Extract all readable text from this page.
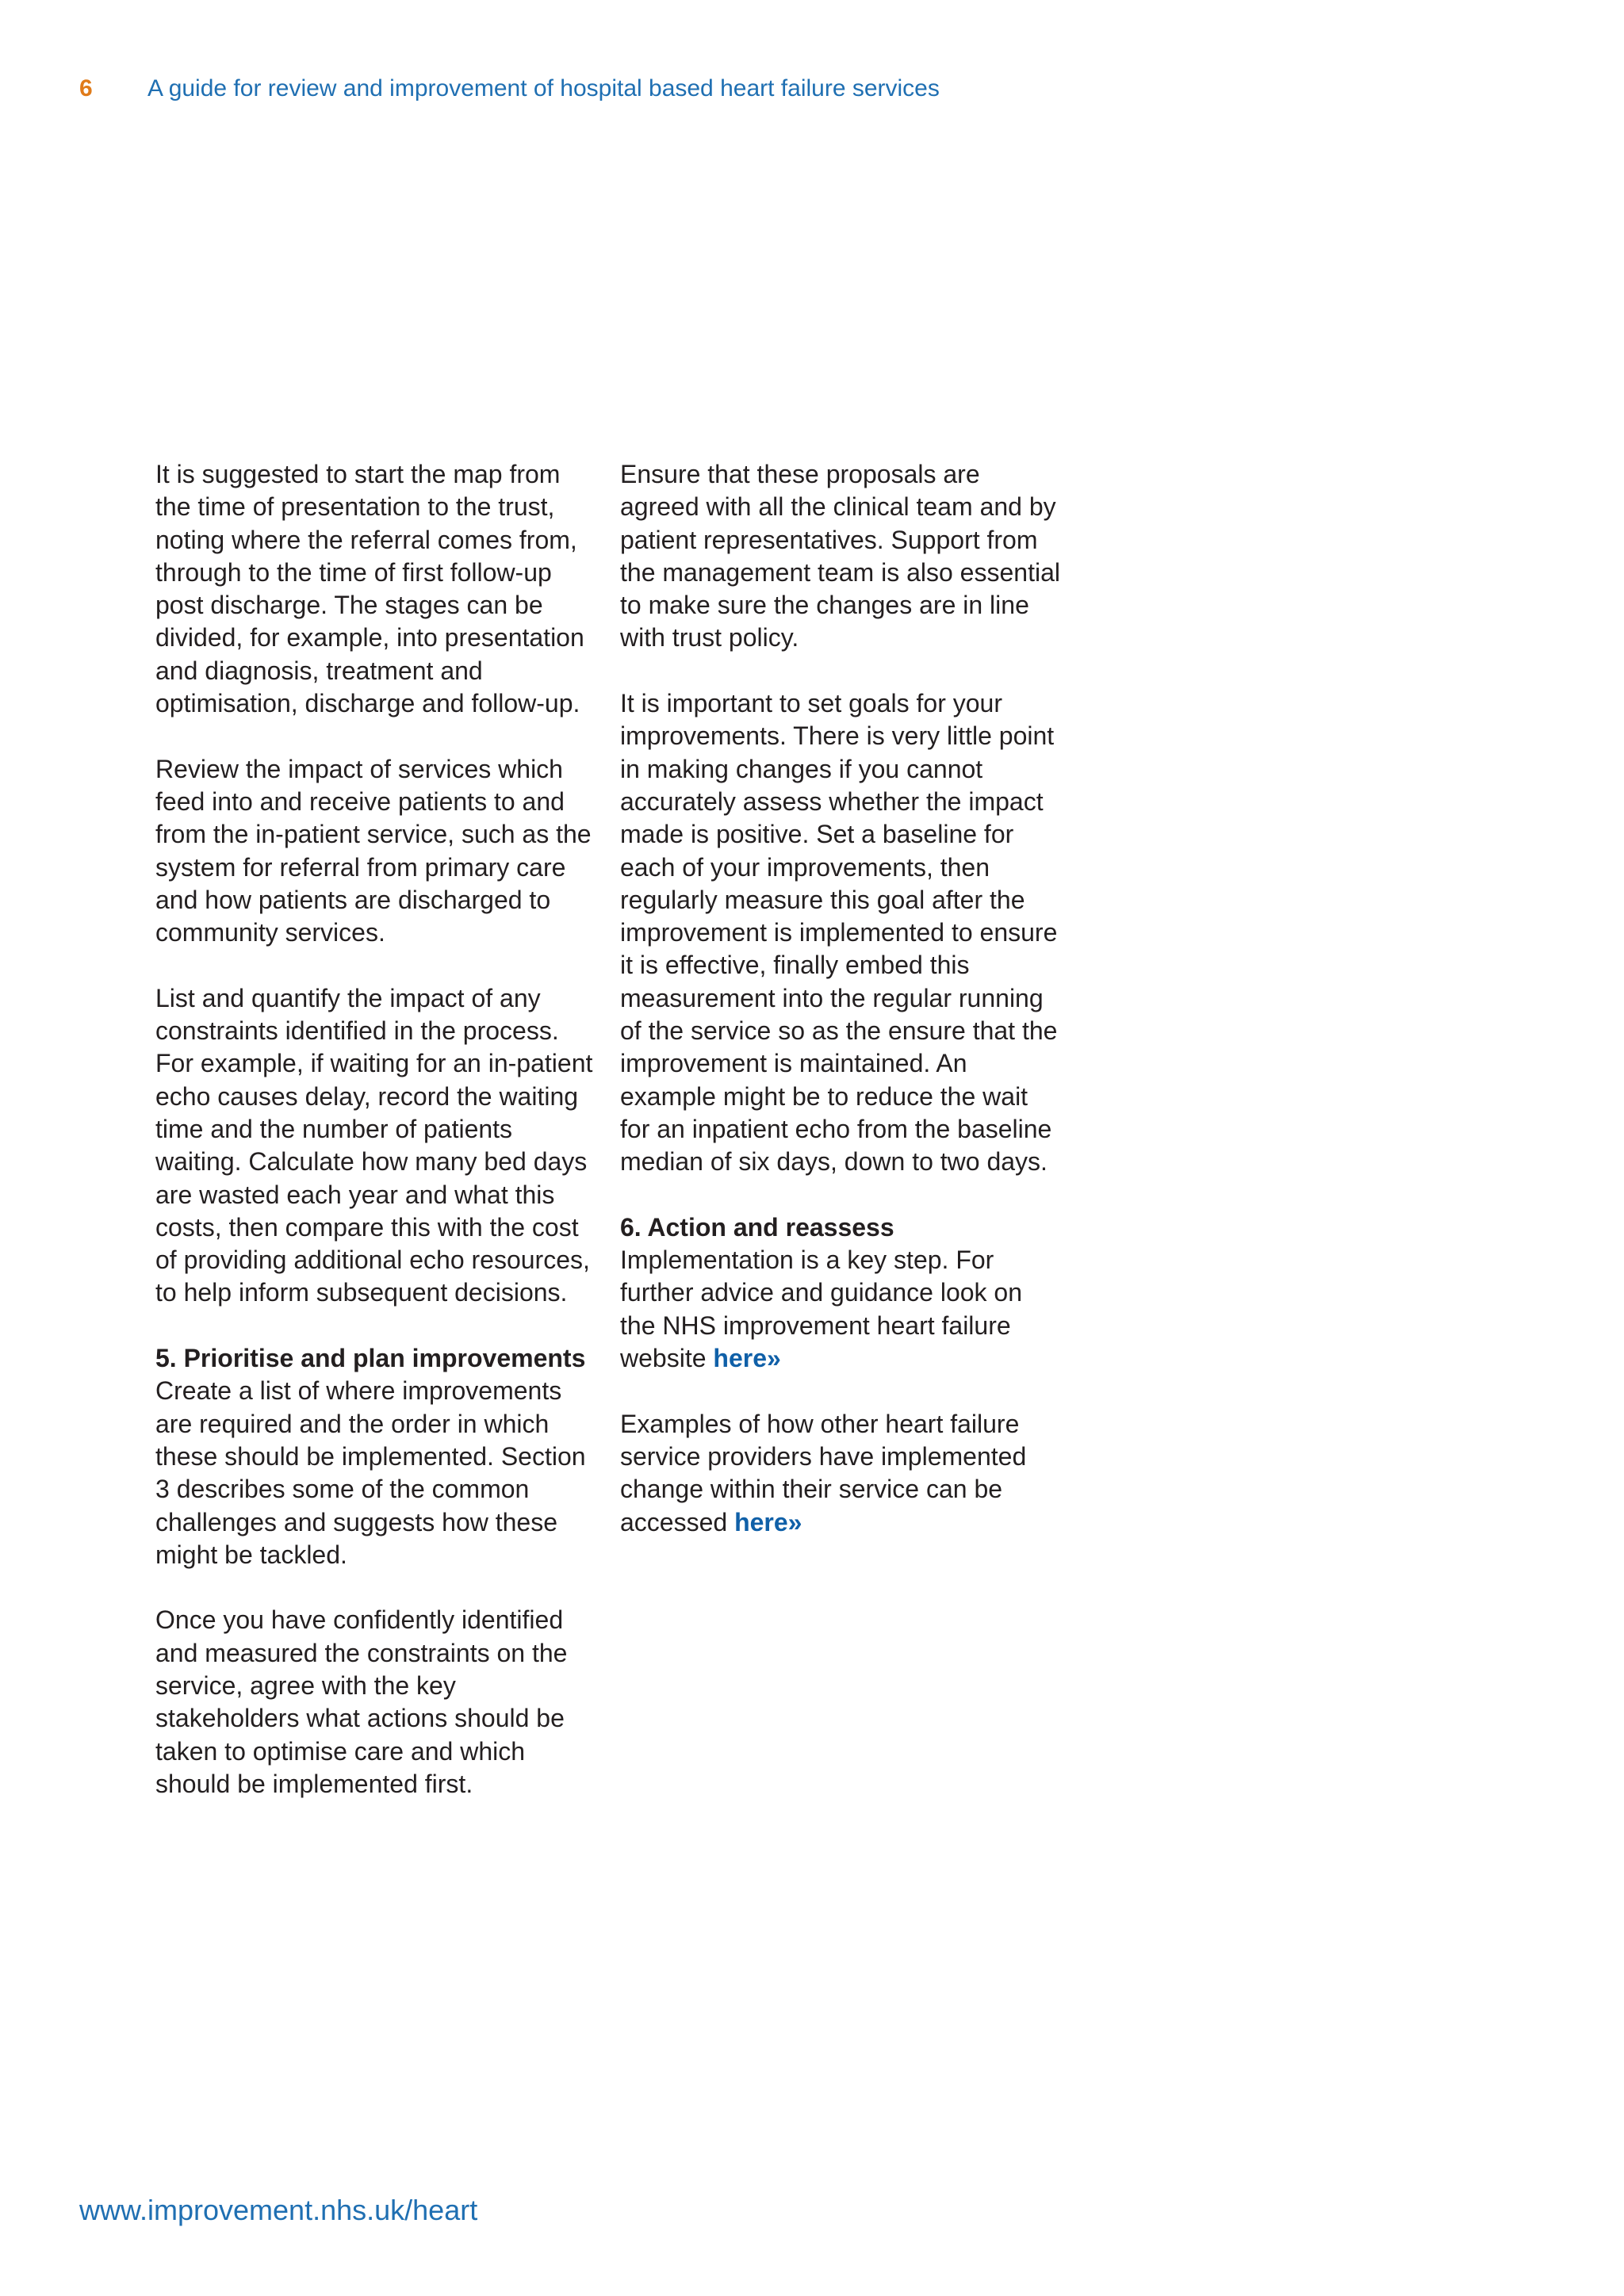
6 A guide for review and improvement of hospital based heart failure services

It is suggested to start the map from the time of presentation to the trust, noting where the referral comes from, through to the time of first follow-up post discharge. The stages can be divided, for example, into presentation and diagnosis, treatment and optimisation, discharge and follow-up.

Review the impact of services which feed into and receive patients to and from the in-patient service, such as the system for referral from primary care and how patients are discharged to community services.

List and quantify the impact of any constraints identified in the process. For example, if waiting for an in-patient echo causes delay, record the waiting time and the number of patients waiting. Calculate how many bed days are wasted each year and what this costs, then compare this with the cost of providing additional echo resources, to help inform subsequent decisions.

5. Prioritise and plan improvements
Create a list of where improvements are required and the order in which these should be implemented. Section 3 describes some of the common challenges and suggests how these might be tackled.

Once you have confidently identified and measured the constraints on the service, agree with the key stakeholders what actions should be taken to optimise care and which should be implemented first.

Ensure that these proposals are agreed with all the clinical team and by patient representatives. Support from the management team is also essential to make sure the changes are in line with trust policy.

It is important to set goals for your improvements. There is very little point in making changes if you cannot accurately assess whether the impact made is positive. Set a baseline for each of your improvements, then regularly measure this goal after the improvement is implemented to ensure it is effective, finally embed this measurement into the regular running of the service so as the ensure that the improvement is maintained. An example might be to reduce the wait for an inpatient echo from the baseline median of six days, down to two days.

6. Action and reassess
Implementation is a key step. For further advice and guidance look on the NHS improvement heart failure website here»

Examples of how other heart failure service providers have implemented change within their service can be accessed here»

www.improvement.nhs.uk/heart
